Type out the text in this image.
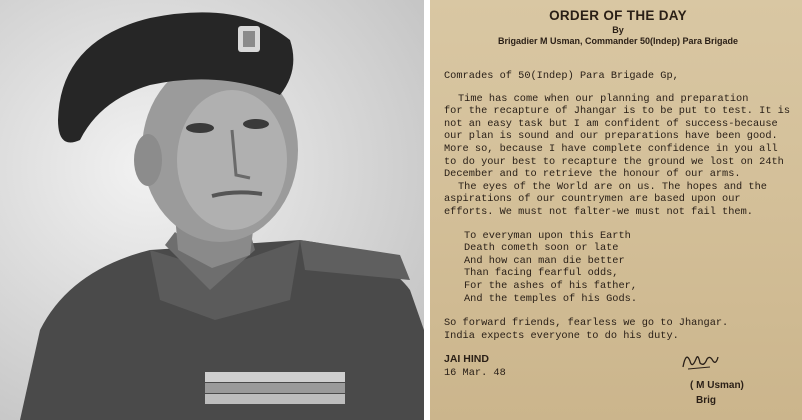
ORDER OF THE DAY
By
Brigadier M Usman, Commander 50(Indep) Para Brigade
Comrades of 50(Indep) Para Brigade Gp,
Time has come when our planning and preparation
for the recapture of Jhangar is to be put to test. It is
not an easy task but I am confident of success-because
our plan is sound and our preparations have been good.
More so, because I have complete confidence in you all
to do your best to recapture the ground we lost on 24th
December and to retrieve the honour of our arms.
The eyes of the World are on us. The hopes and the
aspirations of our countrymen are based upon our
efforts. We must not falter-we must not fail them.
To everyman upon this Earth
Death cometh soon or late
And how can man die better
Than facing fearful odds,
For the ashes of his father,
And the temples of his Gods.
So forward friends, fearless we go to Jhangar.
India expects everyone to do his duty.
JAI HIND
16 Mar. 48
( M Usman)
Brig
